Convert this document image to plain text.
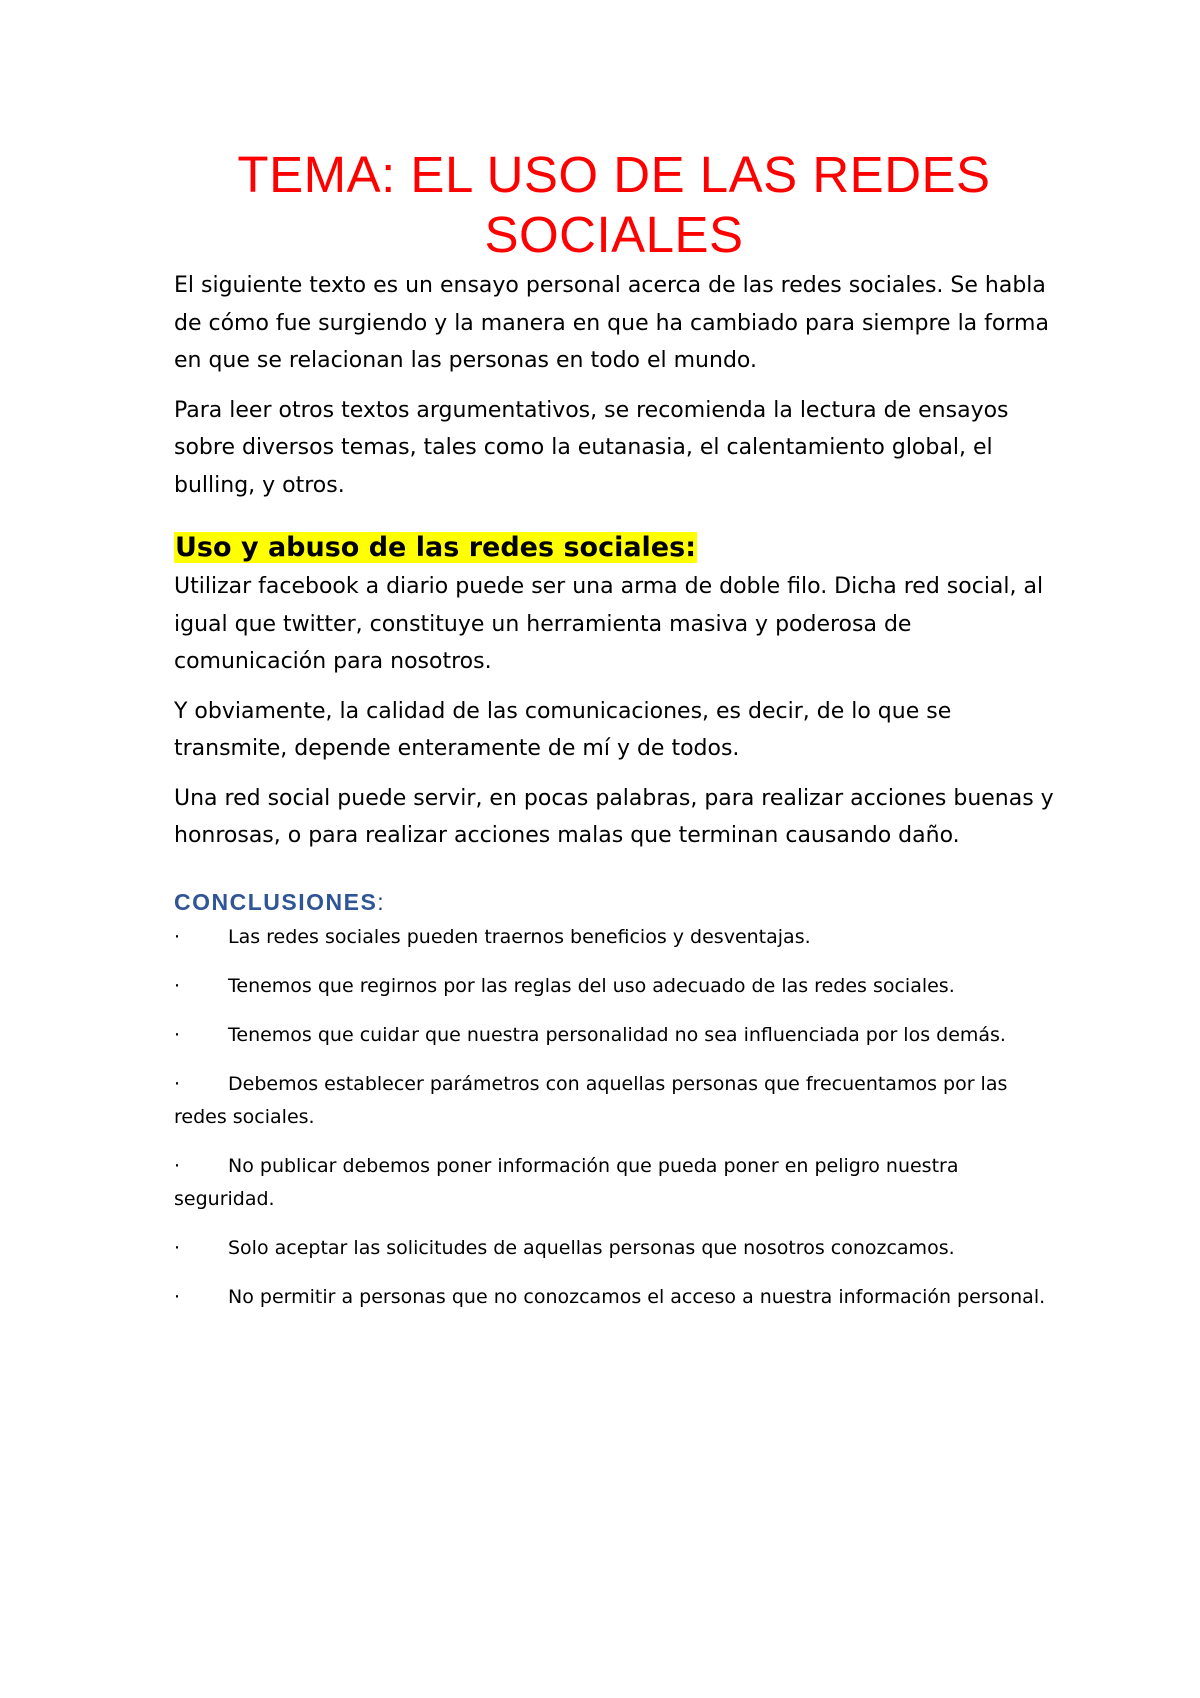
TEMA: EL USO DE LAS REDES
SOCIALES

El siguiente texto es un ensayo personal acerca de las redes sociales. Se habla de cómo fue surgiendo y la manera en que ha cambiado para siempre la forma en que se relacionan las personas en todo el mundo.

Para leer otros textos argumentativos, se recomienda la lectura de ensayos sobre diversos temas, tales como la eutanasia, el calentamiento global, el bulling, y otros.

Uso y abuso de las redes sociales:

Utilizar facebook a diario puede ser una arma de doble filo. Dicha red social, al igual que twitter, constituye un herramienta masiva y poderosa de comunicación para nosotros.

Y obviamente, la calidad de las comunicaciones, es decir, de lo que se transmite, depende enteramente de mí y de todos.

Una red social puede servir, en pocas palabras, para realizar acciones buenas y honrosas, o para realizar acciones malas que terminan causando daño.

CONCLUSIONES:
·	Las redes sociales pueden traernos beneficios y desventajas.
·	Tenemos que regirnos por las reglas del uso adecuado de las redes sociales.
·	Tenemos que cuidar que nuestra personalidad no sea influenciada por los demás.
·	Debemos establecer parámetros con aquellas personas que frecuentamos por las redes sociales.
·	No publicar debemos poner información que pueda poner en peligro nuestra seguridad.
·	Solo aceptar las solicitudes de aquellas personas que nosotros conozcamos.
·	No permitir a personas que no conozcamos el acceso a nuestra información personal.
